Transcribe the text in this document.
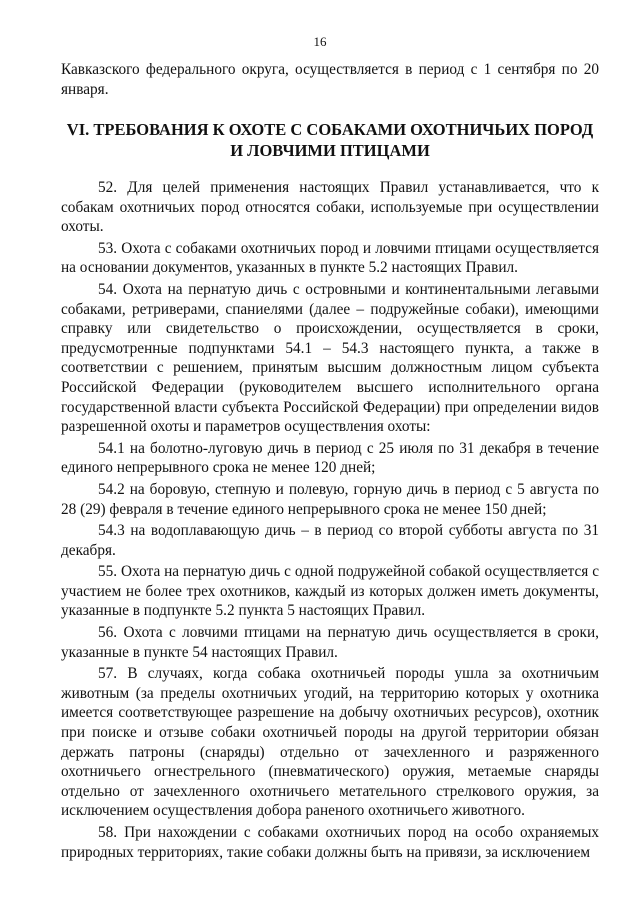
16
Кавказского федерального округа, осуществляется в период с 1 сентября по 20 января.
VI. ТРЕБОВАНИЯ К ОХОТЕ С СОБАКАМИ ОХОТНИЧЬИХ ПОРОД
И ЛОВЧИМИ ПТИЦАМИ

52. Для целей применения настоящих Правил устанавливается, что к собакам охотничьих пород относятся собаки, используемые при осуществлении охоты.

53. Охота с собаками охотничьих пород и ловчими птицами осуществляется на основании документов, указанных в пункте 5.2 настоящих Правил.

54. Охота на пернатую дичь с островными и континентальными легавыми собаками, ретриверами, спаниелями (далее – подружейные собаки), имеющими справку или свидетельство о происхождении, осуществляется в сроки, предусмотренные подпунктами 54.1 – 54.3 настоящего пункта, а также в соответствии с решением, принятым высшим должностным лицом субъекта Российской Федерации (руководителем высшего исполнительного органа государственной власти субъекта Российской Федерации) при определении видов разрешенной охоты и параметров осуществления охоты:

54.1 на болотно-луговую дичь в период с 25 июля по 31 декабря в течение единого непрерывного срока не менее 120 дней;

54.2 на боровую, степную и полевую, горную дичь в период с 5 августа по 28 (29) февраля в течение единого непрерывного срока не менее 150 дней;

54.3 на водоплавающую дичь – в период со второй субботы августа по 31 декабря.

55. Охота на пернатую дичь с одной подружейной собакой осуществляется с участием не более трех охотников, каждый из которых должен иметь документы, указанные в подпункте 5.2 пункта 5 настоящих Правил.

56. Охота с ловчими птицами на пернатую дичь осуществляется в сроки, указанные в пункте 54 настоящих Правил.

57. В случаях, когда собака охотничьей породы ушла за охотничьим животным (за пределы охотничьих угодий, на территорию которых у охотника имеется соответствующее разрешение на добычу охотничьих ресурсов), охотник при поиске и отзыве собаки охотничьей породы на другой территории обязан держать патроны (снаряды) отдельно от зачехленного и разряженного охотничьего огнестрельного (пневматического) оружия, метаемые снаряды отдельно от зачехленного охотничьего метательного стрелкового оружия, за исключением осуществления добора раненого охотничьего животного.

58. При нахождении с собаками охотничьих пород на особо охраняемых природных территориях, такие собаки должны быть на привязи, за исключением
